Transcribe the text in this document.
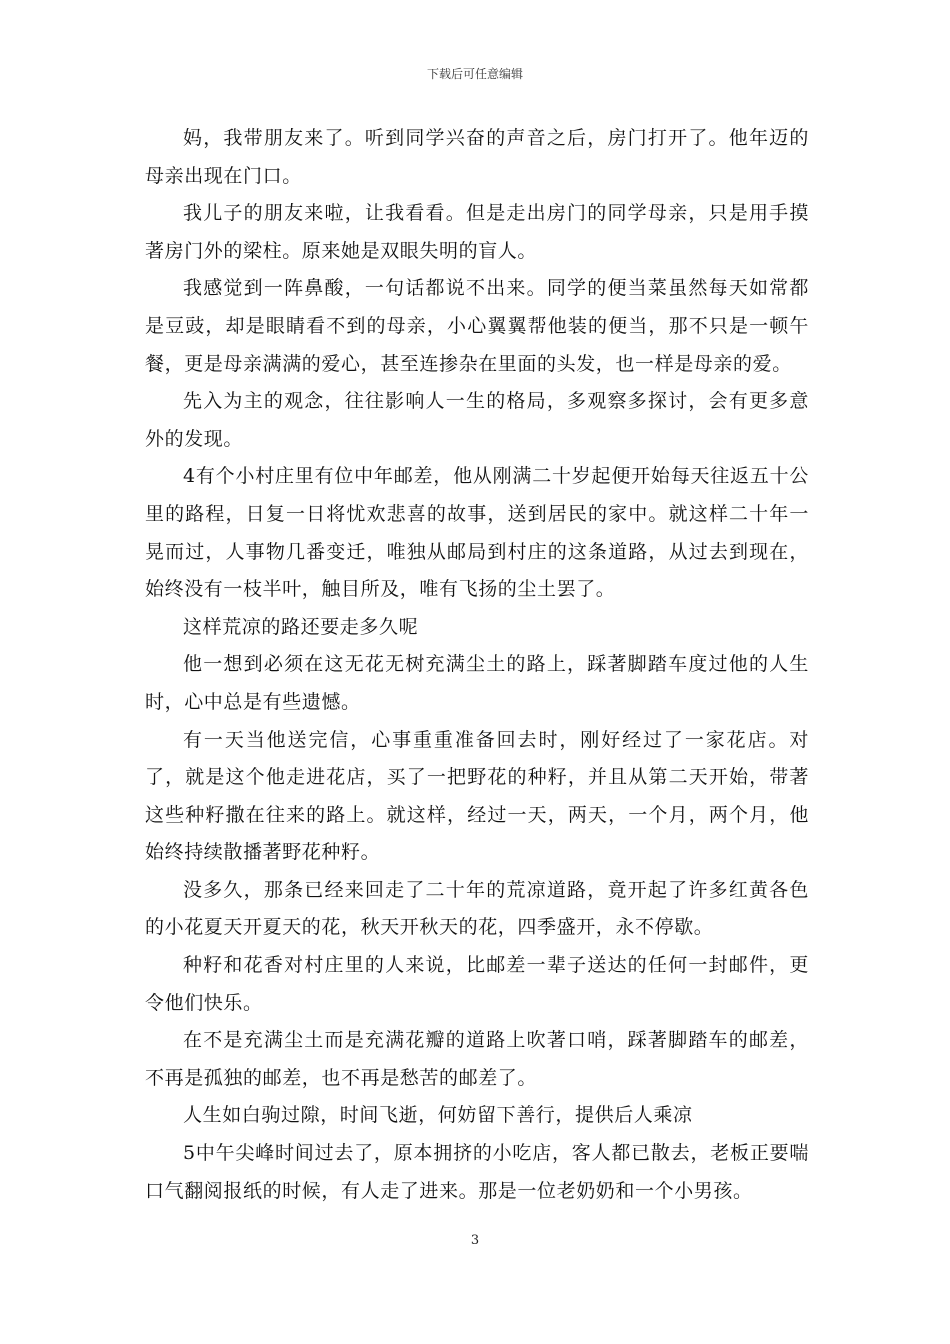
下载后可任意编辑

妈，我带朋友来了。听到同学兴奋的声音之后，房门打开了。他年迈的母亲出现在门口。

我儿子的朋友来啦，让我看看。但是走出房门的同学母亲，只是用手摸著房门外的梁柱。原来她是双眼失明的盲人。

我感觉到一阵鼻酸，一句话都说不出来。同学的便当菜虽然每天如常都是豆豉，却是眼睛看不到的母亲，小心翼翼帮他装的便当，那不只是一顿午餐，更是母亲满满的爱心，甚至连掺杂在里面的头发，也一样是母亲的爱。

先入为主的观念，往往影响人一生的格局，多观察多探讨，会有更多意外的发现。

4有个小村庄里有位中年邮差，他从刚满二十岁起便开始每天往返五十公里的路程，日复一日将忧欢悲喜的故事，送到居民的家中。就这样二十年一晃而过，人事物几番变迁，唯独从邮局到村庄的这条道路，从过去到现在，始终没有一枝半叶，触目所及，唯有飞扬的尘土罢了。

这样荒凉的路还要走多久呢

他一想到必须在这无花无树充满尘土的路上，踩著脚踏车度过他的人生时，心中总是有些遗憾。

有一天当他送完信，心事重重准备回去时，刚好经过了一家花店。对了，就是这个他走进花店，买了一把野花的种籽，并且从第二天开始，带著这些种籽撒在往来的路上。就这样，经过一天，两天，一个月，两个月，他始终持续散播著野花种籽。

没多久，那条已经来回走了二十年的荒凉道路，竟开起了许多红黄各色的小花夏天开夏天的花，秋天开秋天的花，四季盛开，永不停歇。

种籽和花香对村庄里的人来说，比邮差一辈子送达的任何一封邮件，更令他们快乐。

在不是充满尘土而是充满花瓣的道路上吹著口哨，踩著脚踏车的邮差，不再是孤独的邮差，也不再是愁苦的邮差了。

人生如白驹过隙，时间飞逝，何妨留下善行，提供后人乘凉

5中午尖峰时间过去了，原本拥挤的小吃店，客人都已散去，老板正要喘口气翻阅报纸的时候，有人走了进来。那是一位老奶奶和一个小男孩。

3
